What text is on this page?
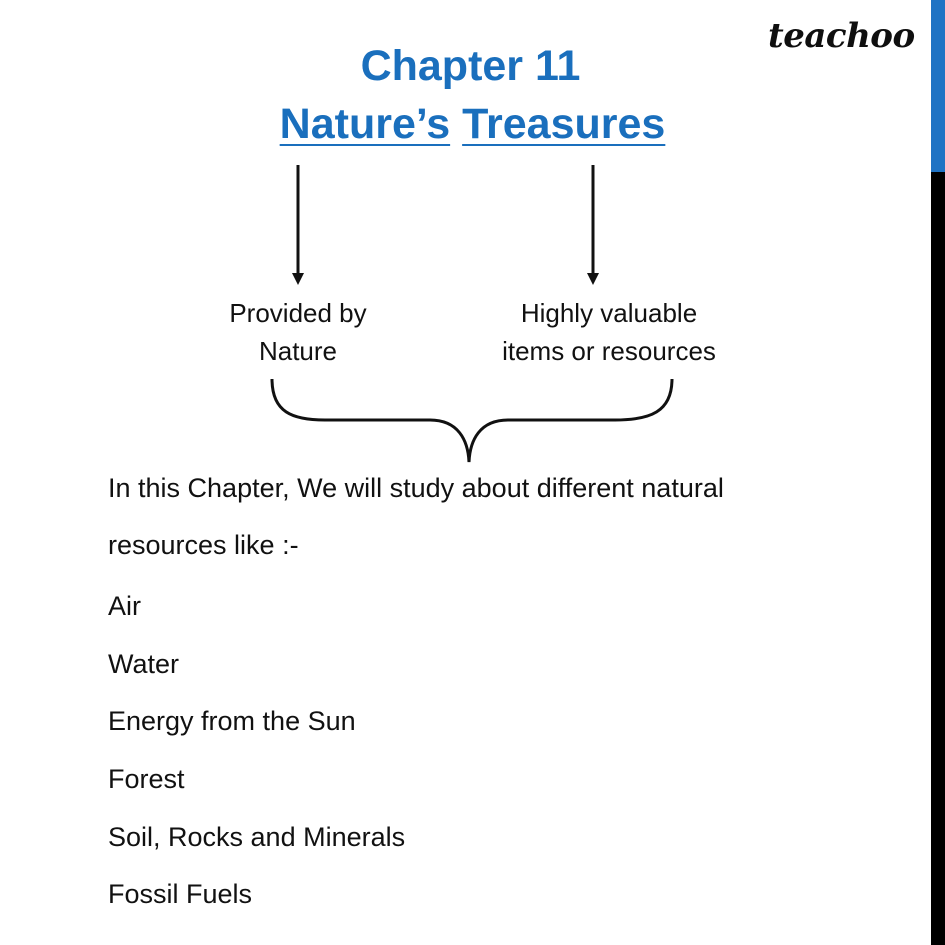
teachoo
Chapter 11
Nature’s Treasures
Provided by
Nature
Highly valuable
items or resources
In this Chapter, We will study about different natural
resources like :-
Air
Water
Energy from the Sun
Forest
Soil, Rocks and Minerals
Fossil Fuels
